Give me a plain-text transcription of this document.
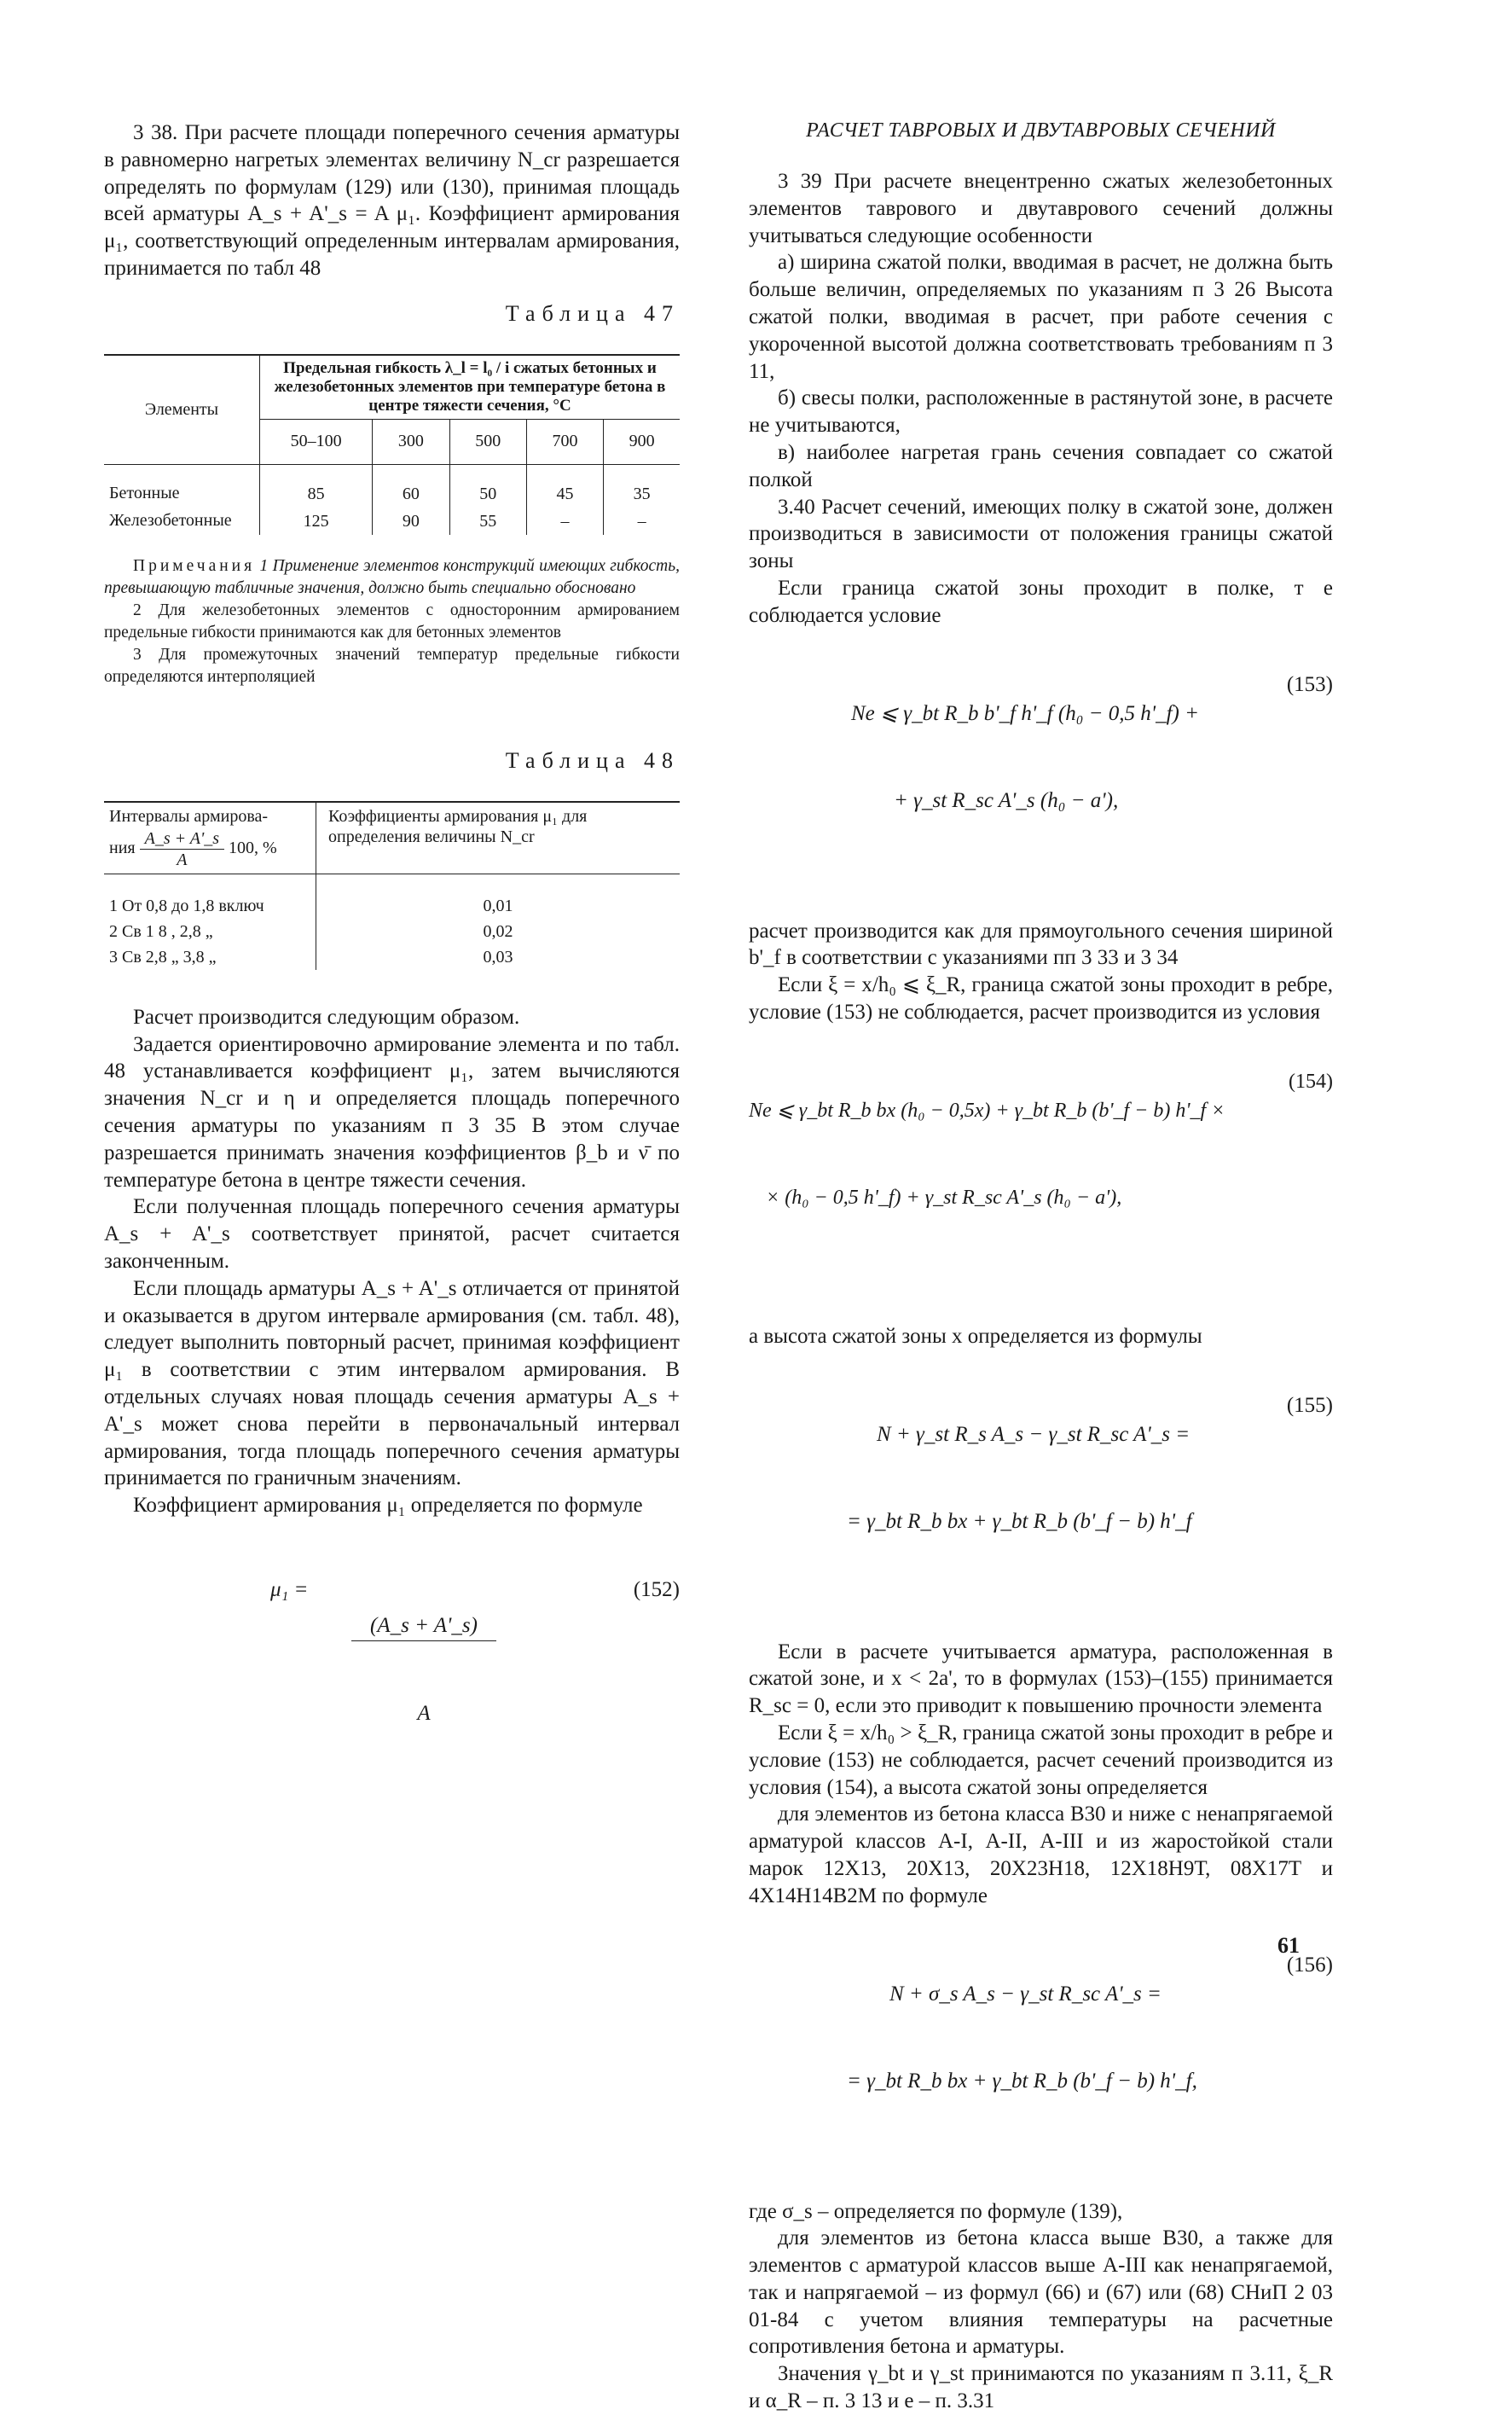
3 38. При расчете площади поперечного сечения арматуры в равномерно нагретых элементах величину N_cr разрешается определять по формулам (129) или (130), принимая площадь всей арматуры A_s + A'_s = A μ₁. Коэффициент армирования μ₁, соответствующий определенным интервалам армирования, принимается по табл 48

Таблица 47
Элементы	Предельная гибкость λ_l = l₀ / i сжатых бетонных и железобетонных элементов при температуре бетона в центре тяжести сечения, °С				
	50–100	300	500	700	900

Бетонные	85	60	50	45	35
Железобетонные	125	90	55	–	–

Примечания 1 Применение элементов конструкций имеющих гибкость, превышающую табличные значения, должно быть специально обосновано

2 Для железобетонных элементов с односторонним армированием предельные гибкости принимаются как для бетонных элементов

3 Для промежуточных значений температур предельные гибкости определяются интерполяцией

Таблица 48
Интервалы армирова-
ния $\frac{A\_s + A'\_s}{A} 100$, %	Коэффициенты армирования μ₁ для определения величины N_cr

1 От 0,8 до 1,8 включ	0,01
2 Св 1 8 , 2,8 „	0,02
3 Св 2,8 „ 3,8 „	0,03

Расчет производится следующим образом.

Задается ориентировочно армирование элемента и по табл. 48 устанавливается коэффициент μ₁, затем вычисляются значения N_cr и η и определяется площадь поперечного сечения арматуры по указаниям п 3 35 В этом случае разрешается принимать значения коэффициентов β_b и ν̄ по температуре бетона в центре тяжести сечения.

Если полученная площадь поперечного сечения арматуры A_s + A'_s соответствует принятой, расчет считается законченным.

Если площадь арматуры A_s + A'_s отличается от принятой и оказывается в другом интервале армирования (см. табл. 48), следует выполнить повторный расчет, принимая коэффициент μ₁ в соответствии с этим интервалом армирования. В отдельных случаях новая площадь сечения арматуры A_s + A'_s может снова перейти в первоначальный интервал армирования, тогда площадь поперечного сечения арматуры принимается по граничным значениям.

Коэффициент армирования μ₁ определяется по формуле

μ₁ =

$\frac{(A\_s + A'\_s)}{A}$

	(152)

РАСЧЕТ ТАВРОВЫХ И ДВУТАВРОВЫХ СЕЧЕНИЙ

3 39 При расчете внецентренно сжатых железобетонных элементов таврового и двутаврового сечений должны учитываться следующие особенности

а) ширина сжатой полки, вводимая в расчет, не должна быть больше величин, определяемых по указаниям п 3 26 Высота сжатой полки, вводимая в расчет, при работе сечения с укороченной высотой должна соответствовать требованиям п 3 11,

б) свесы полки, расположенные в растянутой зоне, в расчете не учитываются,

в) наиболее нагретая грань сечения совпадает со сжатой полкой

3.40 Расчет сечений, имеющих полку в сжатой зоне, должен производиться в зависимости от положения границы сжатой зоны

Если граница сжатой зоны проходит в полке, т е соблюдается условие

Ne ⩽ γ_bt R_b b'_f h'_f (h₀ − 0,5 h'_f) +

+ γ_st R_sc A'_s (h₀ − a'),

(153)

расчет производится как для прямоугольного сечения шириной b'_f в соответствии с указаниями пп 3 33 и 3 34

Если ξ = x/h₀ ⩽ ξ_R, граница сжатой зоны проходит в ребре, условие (153) не соблюдается, расчет производится из условия

Ne ⩽ γ_bt R_b bx (h₀ − 0,5x) + γ_bt R_b (b'_f − b) h'_f ×

× (h₀ − 0,5 h'_f) + γ_st R_sc A'_s (h₀ − a'),

(154)

а высота сжатой зоны x определяется из формулы

N + γ_st R_s A_s − γ_st R_sc A'_s =

= γ_bt R_b bx + γ_bt R_b (b'_f − b) h'_f

(155)

Если в расчете учитывается арматура, расположенная в сжатой зоне, и x < 2a', то в формулах (153)–(155) принимается R_sc = 0, если это приводит к повышению прочности элемента

Если ξ = x/h₀ > ξ_R, граница сжатой зоны проходит в ребре и условие (153) не соблюдается, расчет сечений производится из условия (154), а высота сжатой зоны определяется

для элементов из бетона класса В30 и ниже с ненапрягаемой арматурой классов А-I, А-II, А-III и из жаростойкой стали марок 12Х13, 20Х13, 20Х23Н18, 12Х18Н9Т, 08Х17Т и 4Х14Н14В2М по формуле

N + σ_s A_s − γ_st R_sc A'_s =

= γ_bt R_b bx + γ_bt R_b (b'_f − b) h'_f,

(156)

где σ_s – определяется по формуле (139),

для элементов из бетона класса выше В30, а также для элементов с арматурой классов выше А-III как ненапрягаемой, так и напрягаемой – из формул (66) и (67) или (68) СНиП 2 03 01-84 с учетом влияния температуры на расчетные сопротивления бетона и арматуры.

Значения γ_bt и γ_st принимаются по указаниям п 3.11, ξ_R и α_R – п. 3 13 и e – п. 3.31

61
